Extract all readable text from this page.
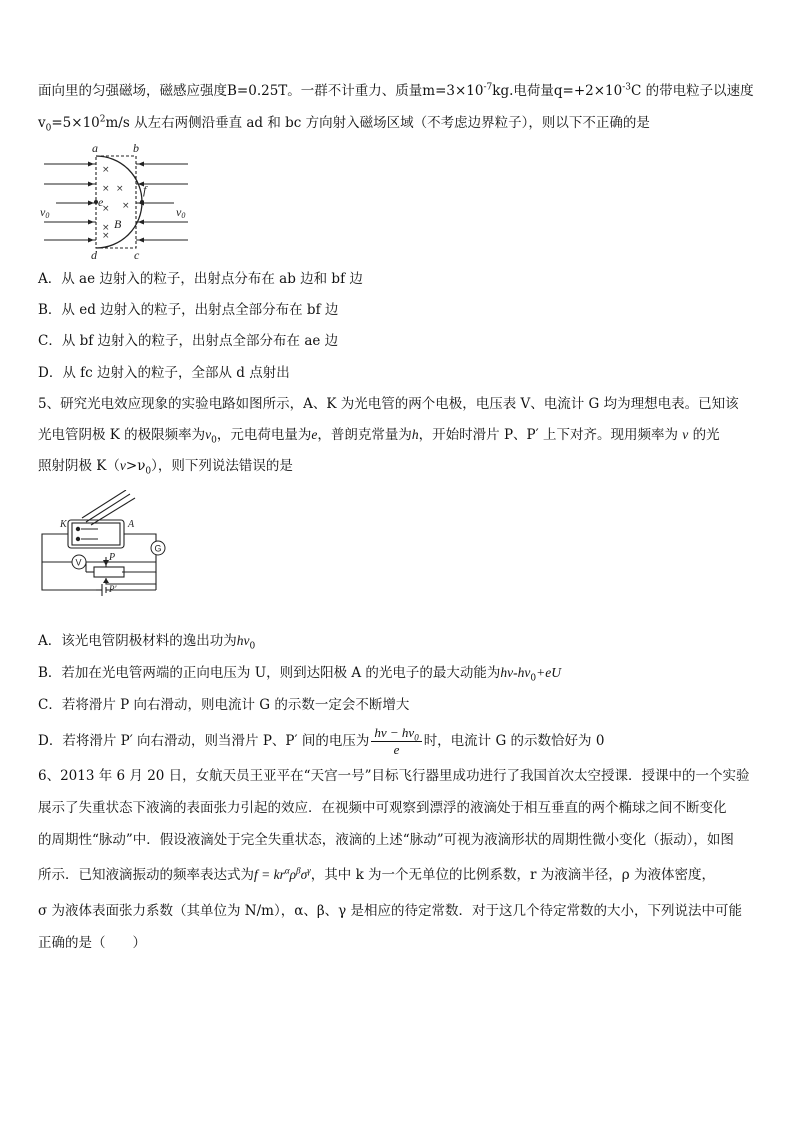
面向里的匀强磁场，磁感应强度B=0.25T。一群不计重力、质量$m=3\times 10^{-7}kg$.电荷量$q=+2\times 10^{-3}C$ 的带电粒子以速度
$v_0=5\times 10^2m/s$ 从左右两侧沿垂直 ad 和 bc 方向射入磁场区域（不考虑边界粒子），则以下不正确的是
a	b
c
d
e
f
B
v0	v0
×
× ×
× ×
×
×
A．从 ae 边射入的粒子，出射点分布在 ab 边和 bf 边
B．从 ed 边射入的粒子，出射点全部分布在 bf 边
C．从 bf 边射入的粒子，出射点全部分布在 ae 边
D．从 fc 边射入的粒子，全部从 d 点射出
5、研究光电效应现象的实验电路如图所示，A、K 为光电管的两个电极，电压表 V、电流计 G 均为理想电表。已知该
光电管阴极 K 的极限频率为$\nu_0$，元电荷电量为e，普朗克常量为h，开始时滑片 P、P′ 上下对齐。现用频率为 ν 的光
照射阴极 $K(\nu>\nu_0)$，则下列说法错误的是
K	A
P
P′
V
G
A．该光电管阴极材料的逸出功为$h\nu_0$
B．若加在光电管两端的正向电压为 U，则到达阳极 A 的光电子的最大动能为$h\nu-h\nu_0+eU$
C．若将滑片 P 向右滑动，则电流计 G 的示数一定会不断增大
D．若将滑片 P′ 向右滑动，则当滑片 P、P′ 间的电压为 $\frac{h\nu - h\nu_0}{e}$ 时，电流计 G 的示数恰好为 0
6、2013 年 6 月 20 日，女航天员王亚平在“天宫一号”目标飞行器里成功进行了我国首次太空授课．授课中的一个实验
展示了失重状态下液滴的表面张力引起的效应．在视频中可观察到漂浮的液滴处于相互垂直的两个椭球之间不断变化
的周期性“脉动”中．假设液滴处于完全失重状态，液滴的上述“脉动”可视为液滴形状的周期性微小变化（振动），如图
所示．已知液滴振动的频率表达式为$f = kr^\alpha\rho^\beta\sigma^\gamma$，其中 k 为一个无单位的比例系数，r 为液滴半径，ρ 为液体密度，
σ 为液体表面张力系数（其单位为 N/m），α、β、γ 是相应的待定常数．对于这几个待定常数的大小，下列说法中可能
正确的是（　　）
